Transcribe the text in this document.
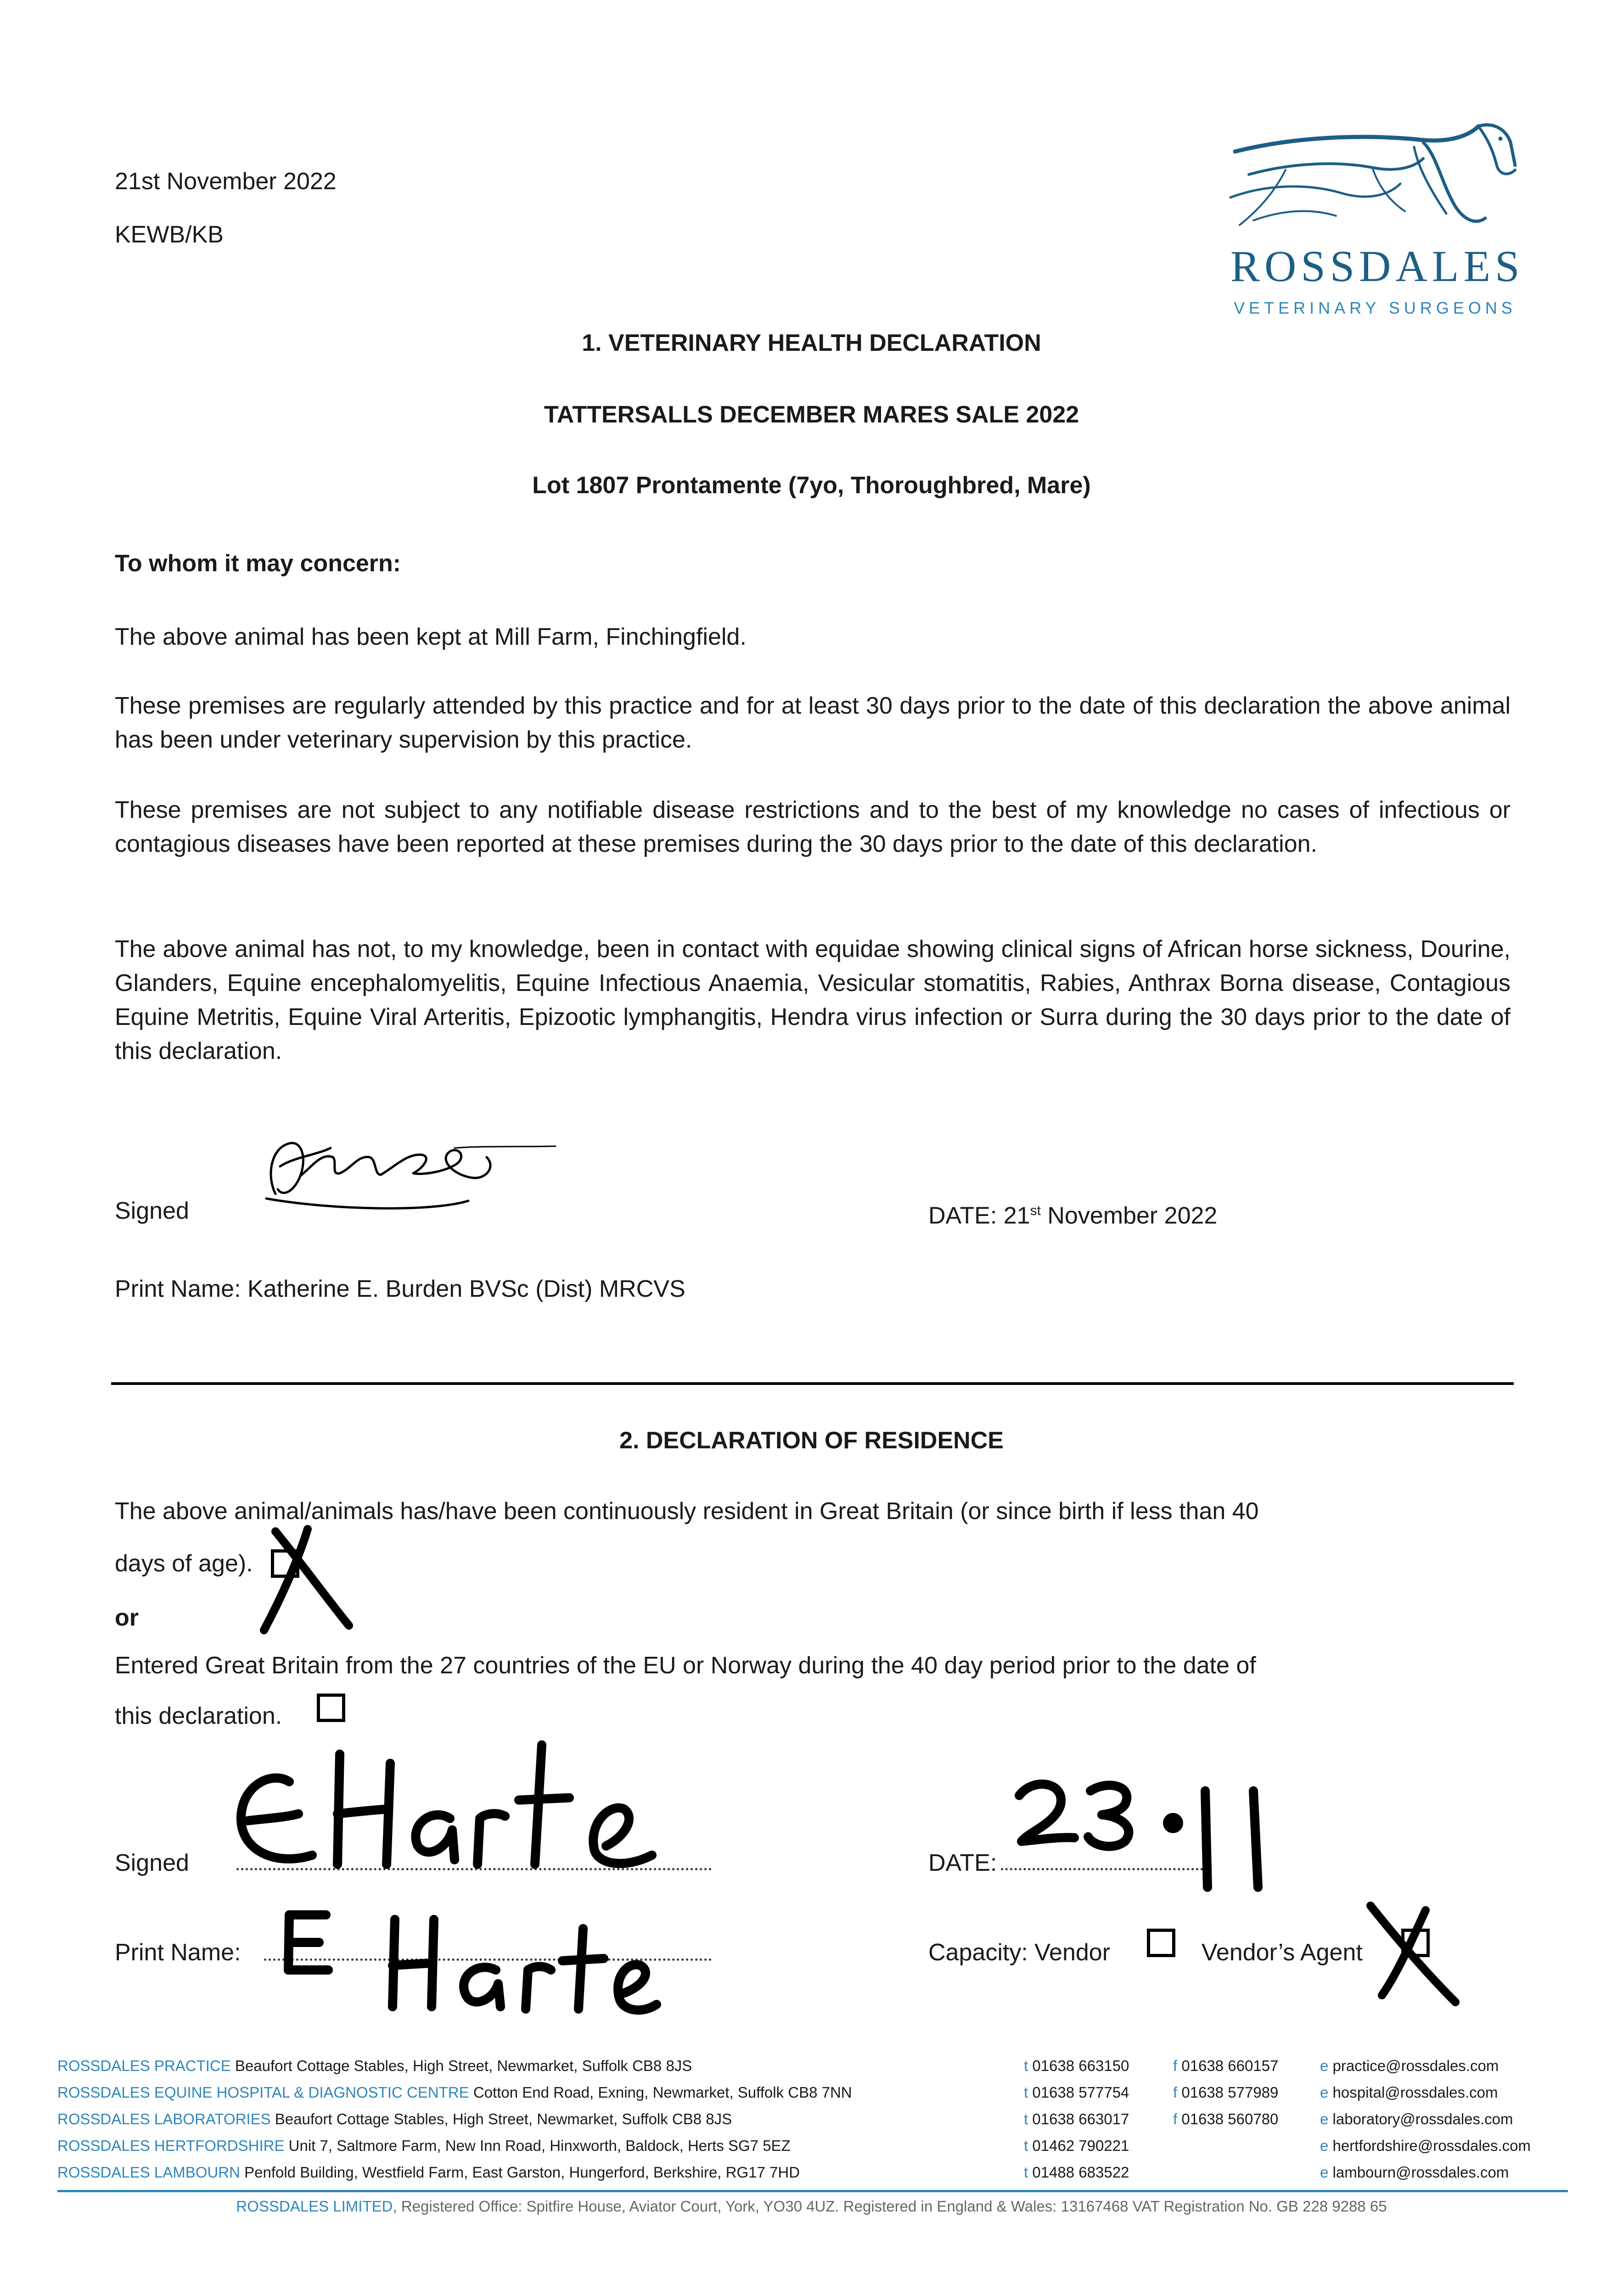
21st November 2022
KEWB/KB
ROSSDALES
VETERINARY SURGEONS
1. VETERINARY HEALTH DECLARATION
TATTERSALLS DECEMBER MARES SALE 2022
Lot 1807 Prontamente (7yo, Thoroughbred, Mare)
To whom it may concern:
The above animal has been kept at Mill Farm, Finchingfield.
These premises are regularly attended by this practice and for at least 30 days prior to the date of this declaration the above animal has been under veterinary supervision by this practice.
These premises are not subject to any notifiable disease restrictions and to the best of my knowledge no cases of infectious or contagious diseases have been reported at these premises during the 30 days prior to the date of this declaration.
The above animal has not, to my knowledge, been in contact with equidae showing clinical signs of African horse sickness, Dourine, Glanders, Equine encephalomyelitis, Equine Infectious Anaemia, Vesicular stomatitis, Rabies, Anthrax Borna disease, Contagious Equine Metritis, Equine Viral Arteritis, Epizootic lymphangitis, Hendra virus infection or Surra during the 30 days prior to the date of this declaration.
Signed	DATE: 21st November 2022
Print Name: Katherine E. Burden BVSc (Dist) MRCVS
2. DECLARATION OF RESIDENCE
The above animal/animals has/have been continuously resident in Great Britain (or since birth if less than 40
days of age).
or
Entered Great Britain from the 27 countries of the EU or Norway during the 40 day period prior to the date of
this declaration.
Signed	DATE:
Print Name:	Capacity: Vendor	Vendor’s Agent
ROSSDALES PRACTICE Beaufort Cottage Stables, High Street, Newmarket, Suffolk CB8 8JS	t 01638 663150	f 01638 660157	e practice@rossdales.com
ROSSDALES EQUINE HOSPITAL & DIAGNOSTIC CENTRE Cotton End Road, Exning, Newmarket, Suffolk CB8 7NN	t 01638 577754	f 01638 577989	e hospital@rossdales.com
ROSSDALES LABORATORIES Beaufort Cottage Stables, High Street, Newmarket, Suffolk CB8 8JS	t 01638 663017	f 01638 560780	e laboratory@rossdales.com
ROSSDALES HERTFORDSHIRE Unit 7, Saltmore Farm, New Inn Road, Hinxworth, Baldock, Herts SG7 5EZ	t 01462 790221	e hertfordshire@rossdales.com
ROSSDALES LAMBOURN Penfold Building, Westfield Farm, East Garston, Hungerford, Berkshire, RG17 7HD	t 01488 683522	e lambourn@rossdales.com
ROSSDALES LIMITED, Registered Office: Spitfire House, Aviator Court, York, YO30 4UZ. Registered in England & Wales: 13167468 VAT Registration No. GB 228 9288 65
